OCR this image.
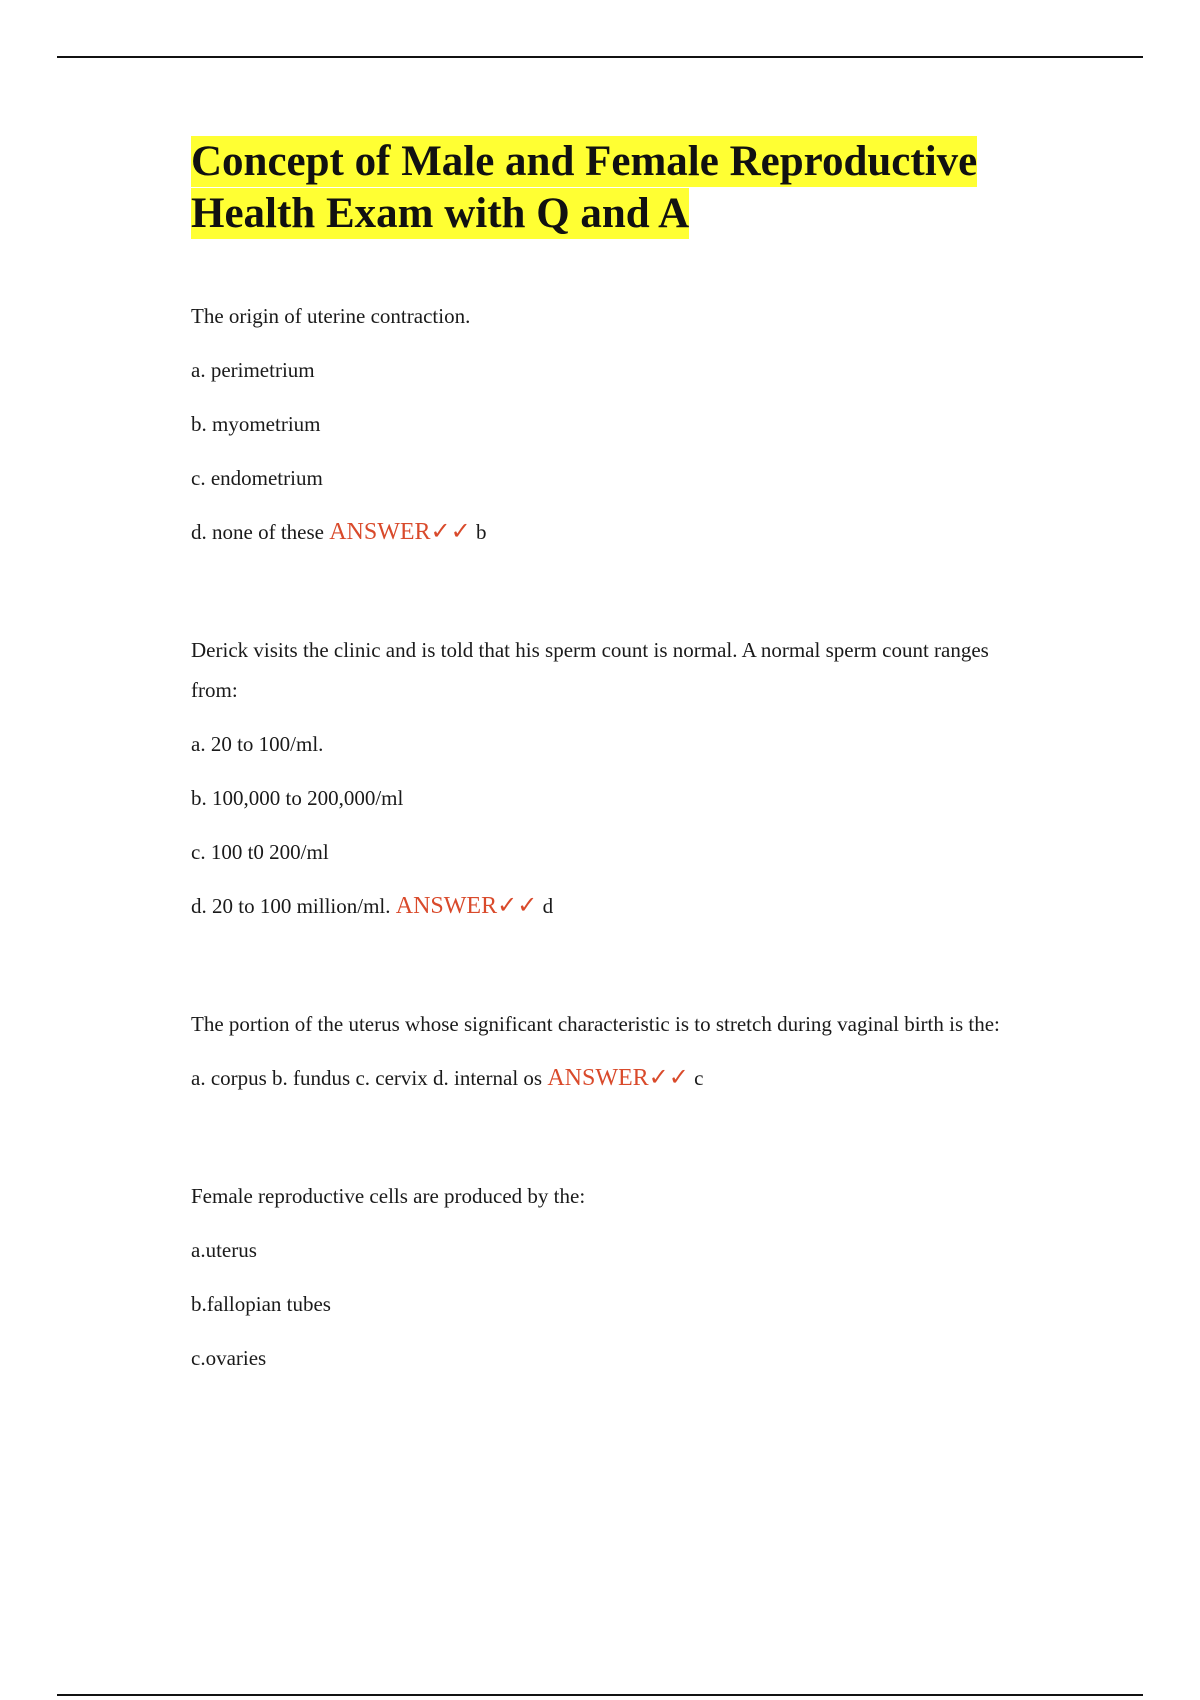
Concept of Male and Female Reproductive Health Exam with Q and A
The origin of uterine contraction.
a. perimetrium
b. myometrium
c. endometrium
d. none of these ANSWER✓✓ b
Derick visits the clinic and is told that his sperm count is normal. A normal sperm count ranges from:
a. 20 to 100/ml.
b. 100,000 to 200,000/ml
c. 100 t0 200/ml
d. 20 to 100 million/ml. ANSWER✓✓ d
The portion of the uterus whose significant characteristic is to stretch during vaginal birth is the:
a. corpus b. fundus c. cervix d. internal os ANSWER✓✓ c
Female reproductive cells are produced by the:
a.uterus
b.fallopian tubes
c.ovaries
